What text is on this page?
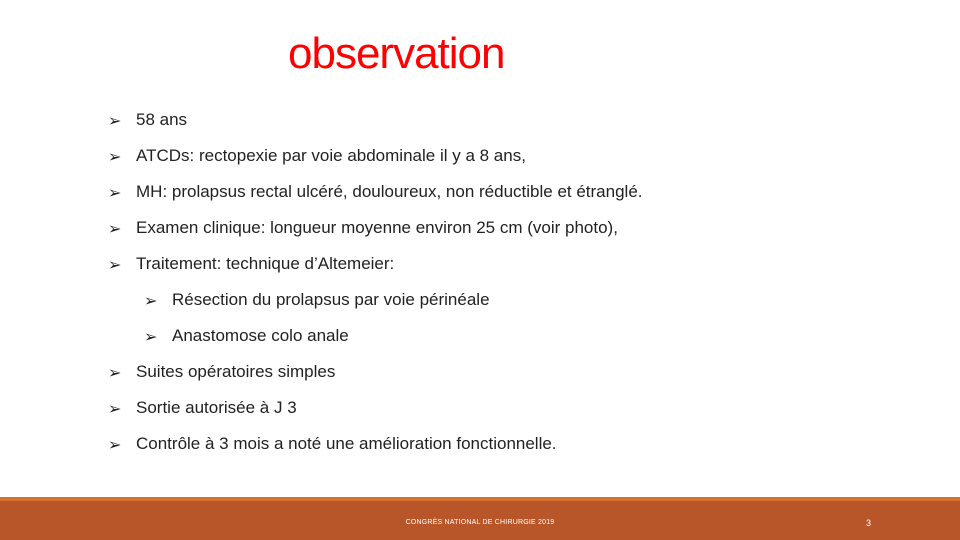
observation
➢ 58 ans
➢ ATCDs: rectopexie par voie abdominale il y a 8 ans,
➢ MH: prolapsus rectal ulcéré, douloureux, non réductible et étranglé.
➢ Examen clinique: longueur moyenne environ 25 cm (voir photo),
➢ Traitement: technique d’Altemeier:
➢ Résection du prolapsus par voie périnéale
➢ Anastomose colo anale
➢ Suites opératoires simples
➢ Sortie autorisée à J 3
➢ Contrôle à 3 mois a noté une amélioration fonctionnelle.
CONGRÈS NATIONAL DE CHIRURGIE 2019	3
